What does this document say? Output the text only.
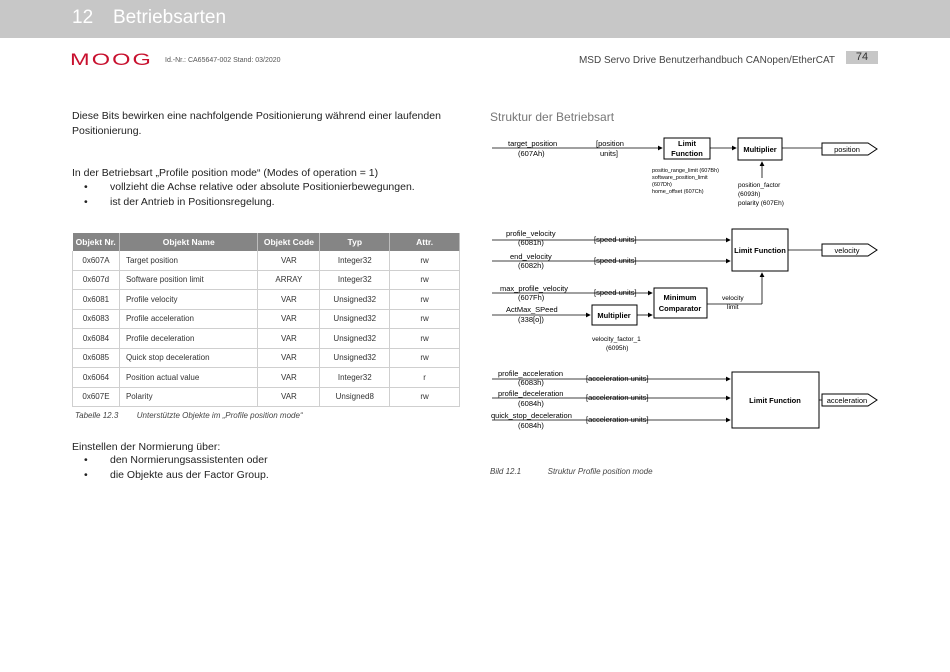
12 Betriebsarten
MOOG Id.-Nr.: CA65647-002 Stand: 03/2020	MSD Servo Drive Benutzerhandbuch CANopen/EtherCAT	74
Diese Bits bewirken eine nachfolgende Positionierung während einer laufenden
Positionierung.
In der Betriebsart „Profile position mode“ (Modes of operation = 1)
• vollzieht die Achse relative oder absolute Positionierbewegungen.
• ist der Antrieb in Positionsregelung.
Objekt Nr.	Objekt Name	Objekt Code	Typ	Attr.
0x607A	Target position	VAR	Integer32	rw
0x607d	Software position limit	ARRAY	Integer32	rw
0x6081	Profile velocity	VAR	Unsigned32	rw
0x6083	Profile acceleration	VAR	Unsigned32	rw
0x6084	Profile deceleration	VAR	Unsigned32	rw
0x6085	Quick stop deceleration	VAR	Unsigned32	rw
0x6064	Position actual value	VAR	Integer32	r
0x607E	Polarity	VAR	Unsigned8	rw
Tabelle 12.3 Unterstützte Objekte im „Profile position mode“
Einstellen der Normierung über:
• den Normierungsassistenten oder
• die Objekte aus der Factor Group.
Struktur der Betriebsart
target_position
(607Ah)
[position
units]
Limit
Function	Multiplier	position
positio_range_limit (607Bh)
software_position_limit
(607Dh)
home_offset (607Ch)
position_factor
(6093h)
polarity (607Eh)
profile_velocity
(6081h)	[speed units]
end_velocity
(6082h)
[speed units]
max_profile_velocity
(607Fh)
[speed units]
ActMax_SPeed
(338[o])
Limit Function	velocity
Minimum
Comparator
Multiplier
velocity
limit
velocity_factor_1
(6095h)
profile_acceleration
(6083h)	[acceleration units]
profile_deceleration
(6084h)
[acceleration units]
quick_stop_deceleration
(6084h)
[acceleration units]
Limit Function	acceleration
Bild 12.1	Struktur Profile position mode
